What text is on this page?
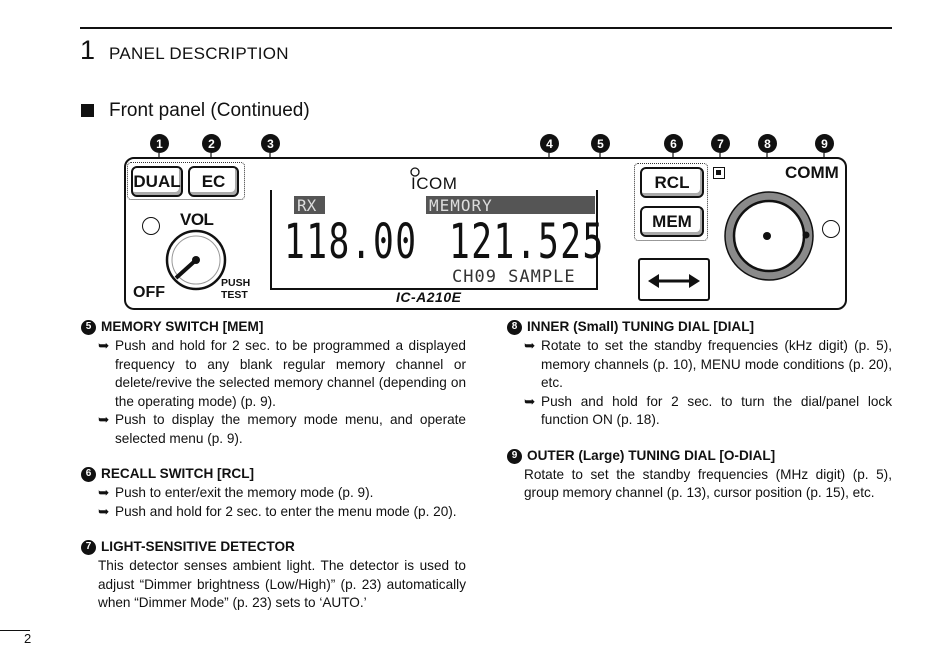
1 PANEL DESCRIPTION
Front panel (Continued)
1	2	3	4	5	6	7	8	9
DUAL	EC	RCL
MEM
VOL
OFF
PUSH
TEST
ICOM
RX	MEMORY
118.00 121.525
CH09 SAMPLE
IC-A210E
COMM
5 MEMORY SWITCH [MEM]
➥ Push and hold for 2 sec. to be programmed a displayed frequency to any blank regular memory channel or delete/revive the selected memory channel (depending on the operating mode) (p. 9).
➥ Push to display the memory mode menu, and operate selected menu (p. 9).
6 RECALL SWITCH [RCL]
➥ Push to enter/exit the memory mode (p. 9).
➥ Push and hold for 2 sec. to enter the menu mode (p. 20).
7 LIGHT-SENSITIVE DETECTOR
This detector senses ambient light. The detector is used to adjust “Dimmer brightness (Low/High)” (p. 23) automatically when “Dimmer Mode” (p. 23) sets to ‘AUTO.’
8 INNER (Small) TUNING DIAL [DIAL]
➥ Rotate to set the standby frequencies (kHz digit) (p. 5), memory channels (p. 10), MENU mode conditions (p. 20), etc.
➥ Push and hold for 2 sec. to turn the dial/panel lock function ON (p. 18).
9 OUTER (Large) TUNING DIAL [O-DIAL]
Rotate to set the standby frequencies (MHz digit) (p. 5), group memory channel (p. 13), cursor position (p. 15), etc.
2
